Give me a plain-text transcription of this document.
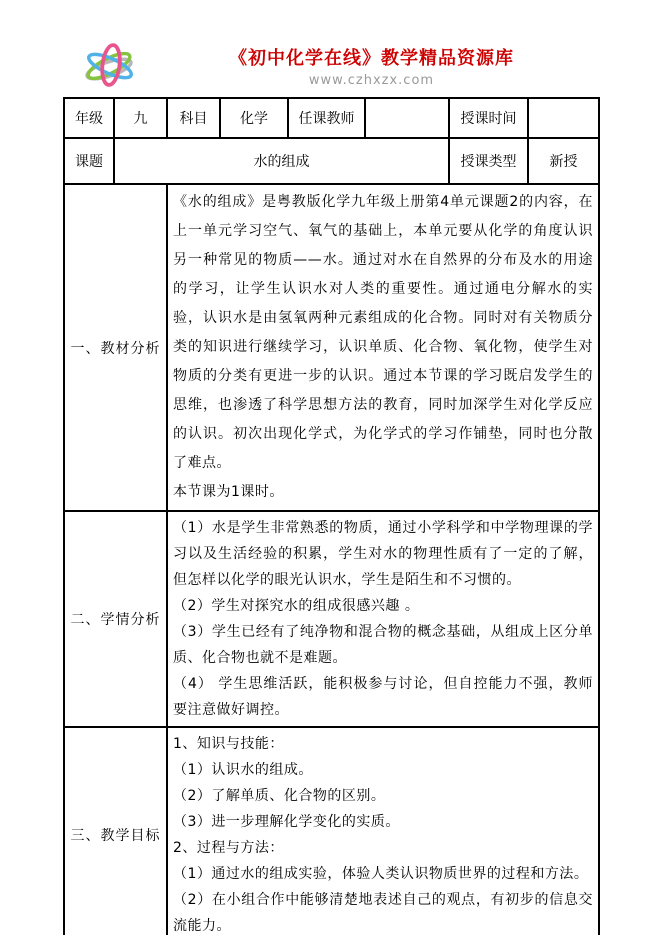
《初中化学在线》教学精品资源库
www.czhxzx.com
年级	九	科目	化学	任课教师		授课时间	
课题	水的组成					授课类型	新授
一、教材分析		《水的组成》是粤教版化学九年级上册第4单元课题2的内容，在上一单元学习空气、氧气的基础上，本单元要从化学的角度认识另一种常见的物质——水。通过对水在自然界的分布及水的用途的学习，让学生认识水对人类的重要性。通过通电分解水的实验，认识水是由氢氧两种元素组成的化合物。同时对有关物质分类的知识进行继续学习，认识单质、化合物、氧化物，使学生对物质的分类有更进一步的认识。通过本节课的学习既启发学生的思维，也渗透了科学思想方法的教育，同时加深学生对化学反应的认识。初次出现化学式，为化学式的学习作铺垫，同时也分散了难点。

本节课为1课时。					

二、学情分析		（1）水是学生非常熟悉的物质，通过小学科学和中学物理课的学习以及生活经验的积累，学生对水的物理性质有了一定的了解，但怎样以化学的眼光认识水，学生是陌生和不习惯的。

（2）学生对探究水的组成很感兴趣 。

（3）学生已经有了纯净物和混合物的概念基础，从组成上区分单质、化合物也就不是难题。

（4） 学生思维活跃，能积极参与讨论，但自控能力不强，教师要注意做好调控。					

三、教学目标	

1、知识与技能：

（1）认识水的组成。

（2）了解单质、化合物的区别。

（3）进一步理解化学变化的实质。

2、过程与方法：

（1）通过水的组成实验，体验人类认识物质世界的过程和方法。

（2）在小组合作中能够清楚地表述自己的观点，有初步的信息交流能力。
